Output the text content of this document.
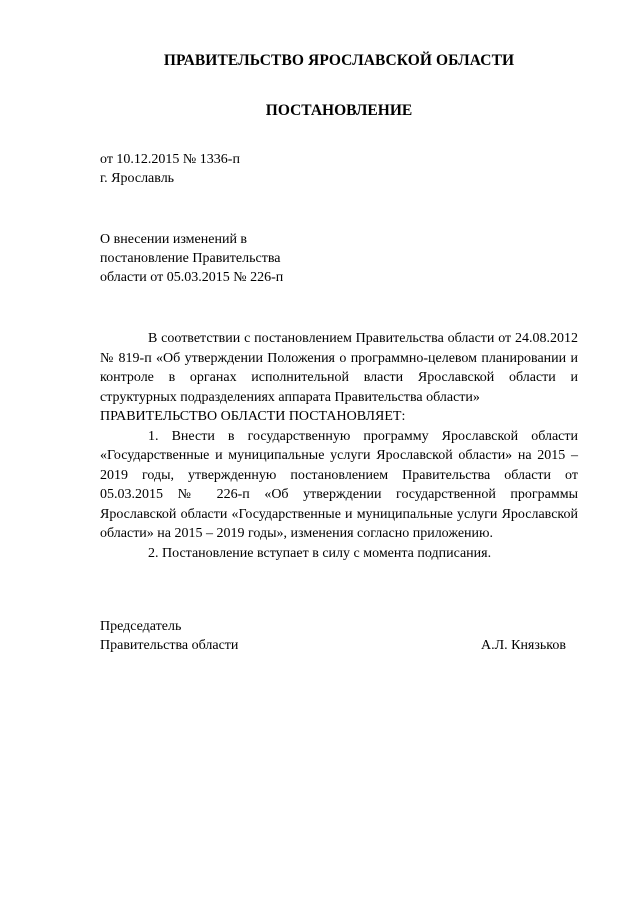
ПРАВИТЕЛЬСТВО ЯРОСЛАВСКОЙ ОБЛАСТИ
ПОСТАНОВЛЕНИЕ

от 10.12.2015 № 1336-п

г. Ярославль

О внесении изменений в

постановление Правительства

области от 05.03.2015 № 226-п

В соответствии с постановлением Правительства области от 24.08.2012 № 819-п «Об утверждении Положения о программно-целевом планировании и контроле в органах исполнительной власти Ярославской области и структурных подразделениях аппарата Правительства области»

ПРАВИТЕЛЬСТВО ОБЛАСТИ ПОСТАНОВЛЯЕТ:

1. Внести в государственную программу Ярославской области «Государственные и муниципальные услуги Ярославской области» на 2015 – 2019 годы, утвержденную постановлением Правительства области от 05.03.2015 № 226-п «Об утверждении государственной программы Ярославской области «Государственные и муниципальные услуги Ярославской области» на 2015 – 2019 годы», изменения согласно приложению.

2. Постановление вступает в силу с момента подписания.

Председатель

Правительства области	А.Л. Князьков
